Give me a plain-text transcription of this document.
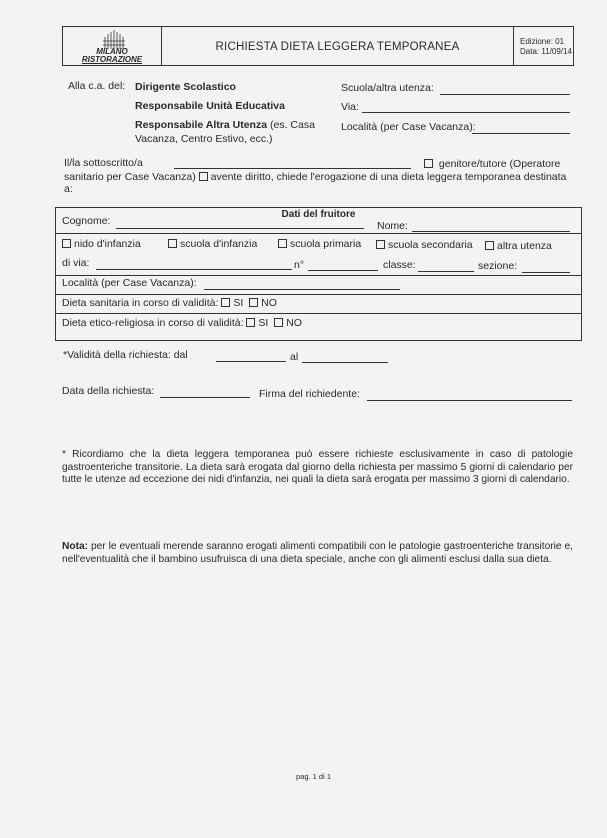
MILANO
RISTORAZIONE
RICHIESTA DIETA LEGGERA TEMPORANEA	Edizione: 01
Data: 11/09/14
Alla c.a. del: Dirigente Scolastico
Responsabile Unità Educativa
Responsabile Altra Utenza (es. Casa
Vacanza, Centro Estivo, ecc.)
Scuola/altra utenza:
Via:
Località (per Case Vacanza):
Il/la sottoscritto/a	genitore/tutore (Operatore
sanitario per Case Vacanza) avente diritto, chiede l'erogazione di una dieta leggera temporanea destinata
a:
Dati del fruitore
Cognome:	Nome:
nido d'infanzia	scuola d'infanzia	scuola primaria	scuola secondaria	altra utenza
di via:	n°	classe:	sezione:
Località (per Case Vacanza):
Dieta sanitaria in corso di validità: SI NO
Dieta etico-religiosa in corso di validità: SI NO
*Validità della richiesta: dal	al
Data della richiesta:	Firma del richiedente:
* Ricordiamo che la dieta leggera temporanea può essere richieste esclusivamente in caso di patologie gastroenteriche transitorie. La dieta sarà erogata dal giorno della richiesta per massimo 5 giorni di calendario per tutte le utenze ad eccezione dei nidi d'infanzia, nei quali la dieta sarà erogata per massimo 3 giorni di calendario.
Nota: per le eventuali merende saranno erogati alimenti compatibili con le patologie gastroenteriche transitorie e, nell'eventualità che il bambino usufruisca di una dieta speciale, anche con gli alimenti esclusi dalla sua dieta.
pag. 1 di 1
